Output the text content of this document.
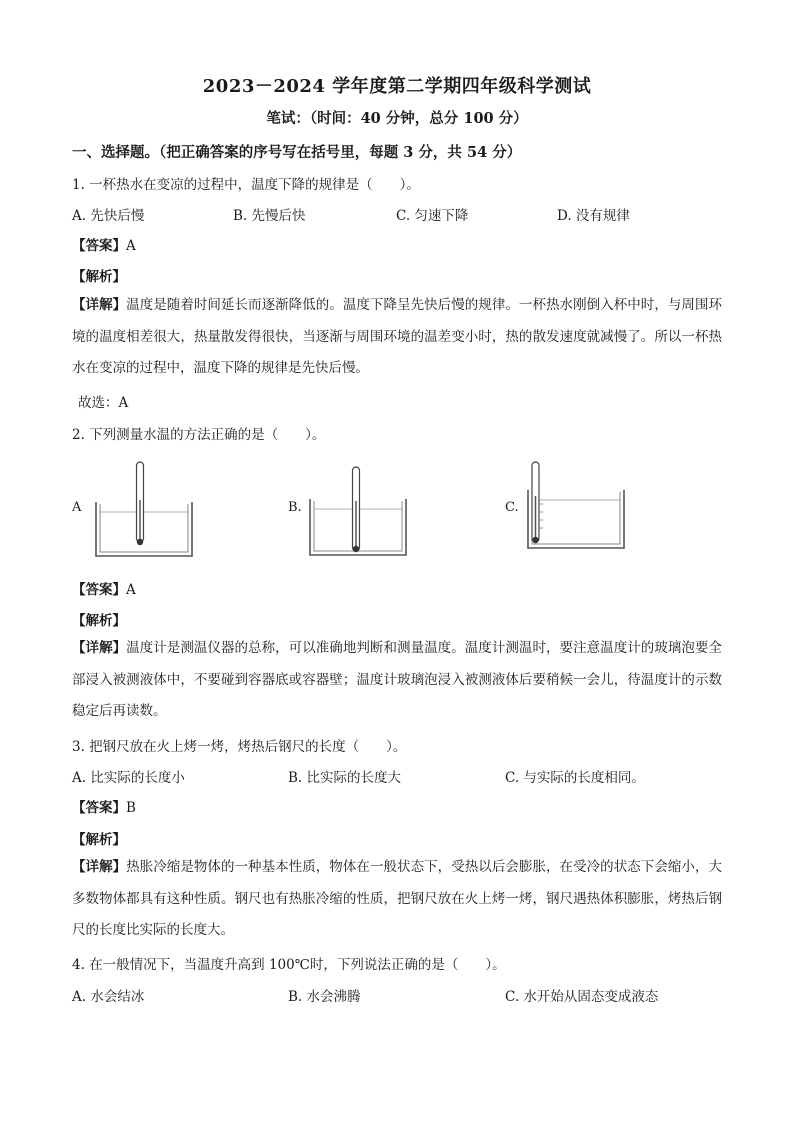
2023－2024 学年度第二学期四年级科学测试
笔试：（时间：40 分钟，总分 100 分）
一、选择题。（把正确答案的序号写在括号里，每题 3 分，共 54 分）
1. 一杯热水在变凉的过程中，温度下降的规律是（　　）。
A. 先快后慢	B. 先慢后快	C. 匀速下降	D. 没有规律
【答案】A
【解析】
【详解】温度是随着时间延长而逐渐降低的。温度下降呈先快后慢的规律。一杯热水刚倒入杯中时，与周围环境的温度相差很大，热量散发得很快，当逐渐与周围环境的温差变小时，热的散发速度就减慢了。所以一杯热水在变凉的过程中，温度下降的规律是先快后慢。
故选：A
2. 下列测量水温的方法正确的是（　　）。
A	B.	C.
【答案】A
【解析】
【详解】温度计是测温仪器的总称，可以准确地判断和测量温度。温度计测温时，要注意温度计的玻璃泡要全部浸入被测液体中，不要碰到容器底或容器壁；温度计玻璃泡浸入被测液体后要稍候一会儿，待温度计的示数稳定后再读数。
3. 把钢尺放在火上烤一烤，烤热后钢尺的长度（　　）。
A. 比实际的长度小	B. 比实际的长度大	C. 与实际的长度相同。
【答案】B
【解析】
【详解】热胀冷缩是物体的一种基本性质，物体在一般状态下，受热以后会膨胀，在受冷的状态下会缩小，大多数物体都具有这种性质。钢尺也有热胀冷缩的性质，把钢尺放在火上烤一烤，钢尺遇热体积膨胀，烤热后钢尺的长度比实际的长度大。
4. 在一般情况下，当温度升高到 100℃时，下列说法正确的是（　　）。
A. 水会结冰	B. 水会沸腾	C. 水开始从固态变成液态
